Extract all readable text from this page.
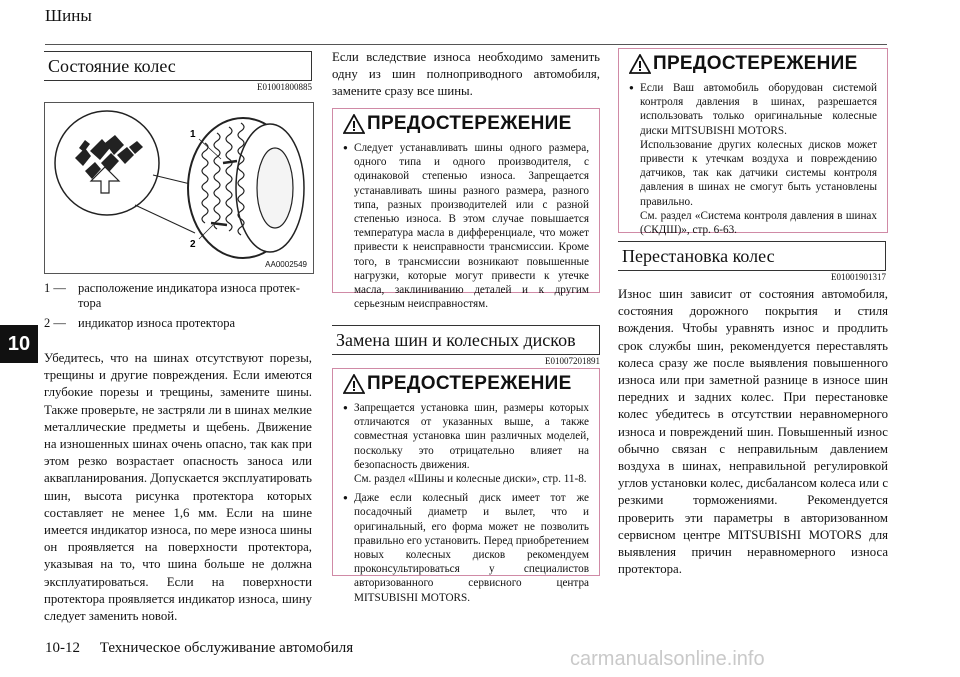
Шины
10
Состояние колес
E01001800885
1
2
AA0002549
1 — расположение индикатора износа протек-тора
2 — индикатор износа протектора
Убедитесь, что на шинах отсутствуют порезы, трещины и другие повреждения. Если имеются глубокие порезы и трещины, замените шины. Также проверьте, не застряли ли в шинах мелкие металлические предметы и щебень. Движение на изношенных шинах очень опасно, так как при этом резко возрастает опасность заноса или аквапланирования. Допускается эксплуатировать шин, высота рисунка протектора которых составляет не менее 1,6 мм. Если на шине имеется индикатор износа, по мере износа шины он проявляется на поверхности протектора, указывая на то, что шина больше не должна эксплуатироваться. Если на поверхности протектора проявляется индикатор износа, шину следует заменить новой.
Если вследствие износа необходимо заменить одну из шин полноприводного автомобиля, замените сразу все шины.
ПРЕДОСТЕРЕЖЕНИЕ
● Следует устанавливать шины одного размера, одного типа и одного производителя, с одинаковой степенью износа. Запрещается устанавливать шины разного размера, разного типа, разных производителей или с разной степенью износа. В этом случае повышается температура масла в дифференциале, что может привести к неисправности трансмиссии. Кроме того, в трансмиссии возникают повышенные нагрузки, которые могут привести к утечке масла, заклиниванию деталей и к другим серьезным неисправностям.
Замена шин и колесных дисков
E01007201891
ПРЕДОСТЕРЕЖЕНИЕ
● Запрещается установка шин, размеры которых отличаются от указанных выше, а также совместная установка шин различных моделей, поскольку это отрицательно влияет на безопасность движения.
См. раздел «Шины и колесные диски», стр. 11-8.
● Даже если колесный диск имеет тот же посадочный диаметр и вылет, что и оригинальный, его форма может не позволить правильно его установить. Перед приобретением новых колесных дисков рекомендуем проконсультироваться у специалистов авторизованного сервисного центра MITSUBISHI MOTORS.
ПРЕДОСТЕРЕЖЕНИЕ
● Если Ваш автомобиль оборудован системой контроля давления в шинах, разрешается использовать только оригинальные колесные диски MITSUBISHI MOTORS.
Использование других колесных дисков может привести к утечкам воздуха и повреждению датчиков, так как датчики системы контроля давления в шинах не смогут быть установлены правильно.
См. раздел «Система контроля давления в шинах (СКДШ)», стр. 6-63.
Перестановка колес
E01001901317
Износ шин зависит от состояния автомобиля, состояния дорожного покрытия и стиля вождения. Чтобы уравнять износ и продлить срок службы шин, рекомендуется переставлять колеса сразу же после выявления повышенного износа или при заметной разнице в износе шин передних и задних колес. При перестановке колес убедитесь в отсутствии неравномерного износа и повреждений шин. Повышенный износ обычно связан с неправильным давлением воздуха в шинах, неправильной регулировкой углов установки колес, дисбалансом колеса или с резкими торможениями. Рекомендуется проверить эти параметры в авторизованном сервисном центре MITSUBISHI MOTORS для выявления причин неравномерного износа протектора.
10-12 Техническое обслуживание автомобиля	carmanualsonline.info
